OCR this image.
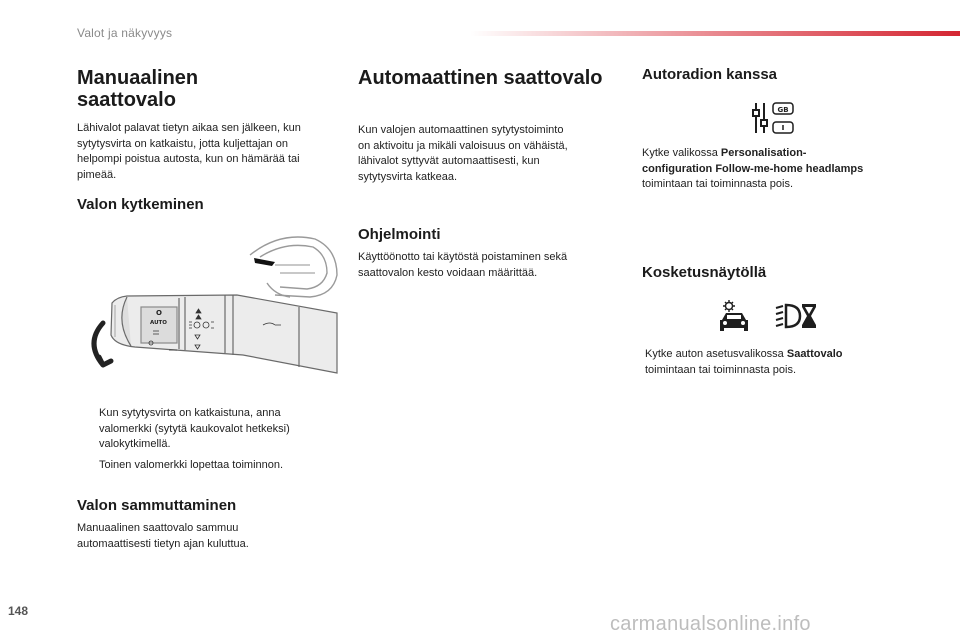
Valot ja näkyvyys
Manuaalinen
saattovalo
Lähivalot palavat tietyn aikaa sen jälkeen, kun
sytytysvirta on katkaistu, jotta kuljettajan on
helpompi poistua autosta, kun on hämärää tai
pimeää.
Valon kytkeminen
O
AUTO
Kun sytytysvirta on katkaistuna, anna
valomerkki (sytytä kaukovalot hetkeksi)
valokytkimellä.
Toinen valomerkki lopettaa toiminnon.
Valon sammuttaminen
Manuaalinen saattovalo sammuu
automaattisesti tietyn ajan kuluttua.
Automaattinen saattovalo
Kun valojen automaattinen sytytystoiminto
on aktivoitu ja mikäli valoisuus on vähäistä,
lähivalot syttyvät automaattisesti, kun
sytytysvirta katkeaa.
Ohjelmointi
Käyttöönotto tai käytöstä poistaminen sekä
saattovalon kesto voidaan määrittää.
Autoradion kanssa
GB
Kytke valikossa Personalisation-
configuration Follow-me-home headlamps
toimintaan tai toiminnasta pois.
Kosketusnäytöllä
Kytke auton asetusvalikossa Saattovalo
toimintaan tai toiminnasta pois.
148
carmanualsonline.info
